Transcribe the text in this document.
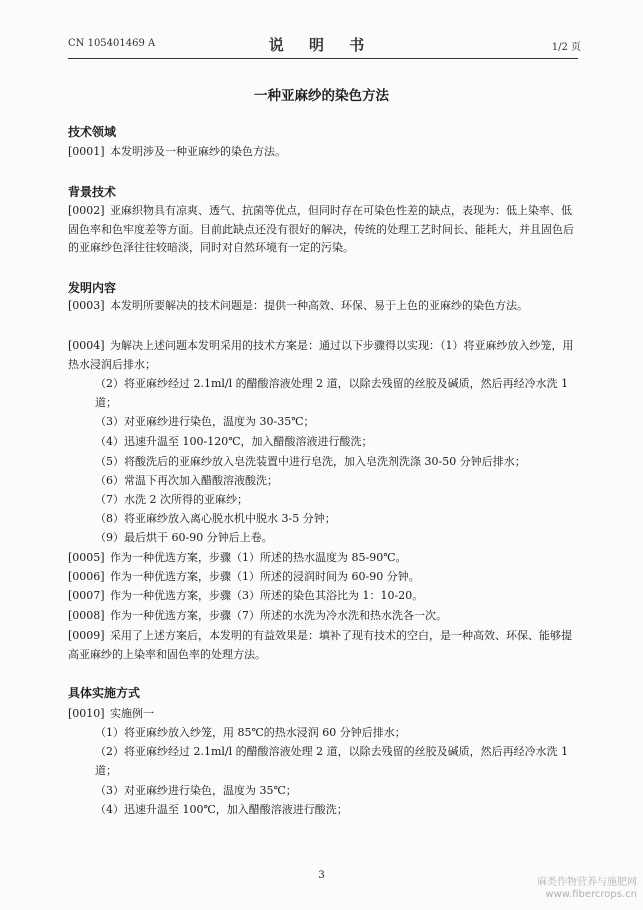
CN 105401469 A	说 明 书	1/2 页
一种亚麻纱的染色方法
技术领域
[0001] 本发明涉及一种亚麻纱的染色方法。
背景技术
[0002] 亚麻织物具有凉爽、透气、抗菌等优点，但同时存在可染色性差的缺点，表现为：低上染率、低固色率和色牢度差等方面。目前此缺点还没有很好的解决，传统的处理工艺时间长、能耗大，并且固色后的亚麻纱色泽往往较暗淡，同时对自然环境有一定的污染。
发明内容
[0003] 本发明所要解决的技术问题是：提供一种高效、环保、易于上色的亚麻纱的染色方法。
[0004] 为解决上述问题本发明采用的技术方案是：通过以下步骤得以实现：（1）将亚麻纱放入纱笼，用热水浸润后排水；
（2）将亚麻纱经过 2.1ml/l 的醋酸溶液处理 2 道，以除去残留的丝胶及碱质，然后再经冷水洗 1 道；
（3）对亚麻纱进行染色，温度为 30-35℃；
（4）迅速升温至 100-120℃，加入醋酸溶液进行酸洗；
（5）将酸洗后的亚麻纱放入皂洗装置中进行皂洗，加入皂洗剂洗涤 30-50 分钟后排水；
（6）常温下再次加入醋酸溶液酸洗；
（7）水洗 2 次所得的亚麻纱；
（8）将亚麻纱放入离心脱水机中脱水 3-5 分钟；
（9）最后烘干 60-90 分钟后上卷。
[0005] 作为一种优选方案，步骤（1）所述的热水温度为 85-90℃。
[0006] 作为一种优选方案，步骤（1）所述的浸润时间为 60-90 分钟。
[0007] 作为一种优选方案，步骤（3）所述的染色其浴比为 1：10-20。
[0008] 作为一种优选方案，步骤（7）所述的水洗为冷水洗和热水洗各一次。
[0009] 采用了上述方案后，本发明的有益效果是：填补了现有技术的空白，是一种高效、环保、能够提高亚麻纱的上染率和固色率的处理方法。
具体实施方式
[0010] 实施例一
（1）将亚麻纱放入纱笼，用 85℃的热水浸润 60 分钟后排水；
（2）将亚麻纱经过 2.1ml/l 的醋酸溶液处理 2 道，以除去残留的丝胶及碱质，然后再经冷水洗 1 道；
（3）对亚麻纱进行染色，温度为 35℃；
（4）迅速升温至 100℃，加入醋酸溶液进行酸洗；
3
麻类作物营养与施肥网
www.fibercrops.cn
